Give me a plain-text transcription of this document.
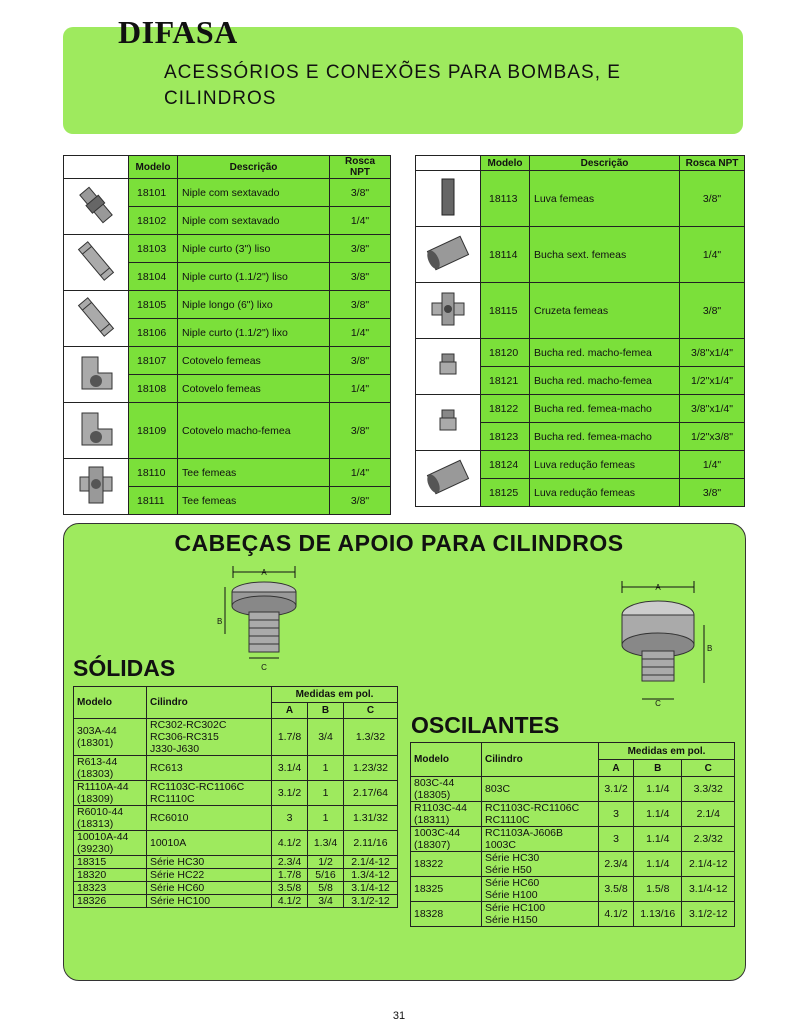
DIFASA
ACESSÓRIOS E CONEXÕES PARA BOMBAS, E CILINDROS
	Modelo	Descrição	Rosca NPT
	18101	Niple com sextavado	3/8"
	18102	Niple com sextavado	1/4"
	18103	Niple curto (3") liso	3/8"
	18104	Niple curto (1.1/2") liso	3/8"
	18105	Niple longo (6") lixo	3/8"
	18106	Niple curto (1.1/2") lixo	1/4"
	18107	Cotovelo femeas	3/8"
	18108	Cotovelo femeas	1/4"
	18109	Cotovelo macho-femea	3/8"
	18110	Tee femeas	1/4"
	18111	Tee femeas	3/8"
	Modelo	Descrição	Rosca NPT
	18113	Luva femeas	3/8"
	18114	Bucha sext. femeas	1/4"
	18115	Cruzeta femeas	3/8"
	18120	Bucha red. macho-femea	3/8"x1/4"
	18121	Bucha red. macho-femea	1/2"x1/4"
	18122	Bucha red. femea-macho	3/8"x1/4"
	18123	Bucha red. femea-macho	1/2"x3/8"
	18124	Luva redução femeas	1/4"
	18125	Luva redução femeas	3/8"
CABEÇAS DE APOIO PARA CILINDROS
A
B
C
A
B
C
SÓLIDAS
OSCILANTES
Modelo	Cilindro	Medidas em pol.		
		A	B	C
303A-44
(18301)	RC302-RC302C
RC306-RC315
J330-J630	1.7/8	3/4	1.3/32
R613-44
(18303)	RC613	3.1/4	1	1.23/32
R1110A-44
(18309)	RC1103C-RC1106C
RC1110C	3.1/2	1	2.17/64
R6010-44
(18313)	RC6010	3	1	1.31/32
10010A-44
(39230)	10010A	4.1/2	1.3/4	2.11/16
18315	Série HC30	2.3/4	1/2	2.1/4-12
18320	Série HC22	1.7/8	5/16	1.3/4-12
18323	Série HC60	3.5/8	5/8	3.1/4-12
18326	Série HC100	4.1/2	3/4	3.1/2-12
Modelo	Cilindro	Medidas em pol.		
		A	B	C
803C-44
(18305)	803C	3.1/2	1.1/4	3.3/32
R1103C-44
(18311)	RC1103C-RC1106C
RC1110C	3	1.1/4	2.1/4
1003C-44
(18307)	RC1103A-J606B
1003C	3	1.1/4	2.3/32
18322	Série HC30
Série H50	2.3/4	1.1/4	2.1/4-12
18325	Série HC60
Série H100	3.5/8	1.5/8	3.1/4-12
18328	Série HC100
Série H150	4.1/2	1.13/16	3.1/2-12
31
